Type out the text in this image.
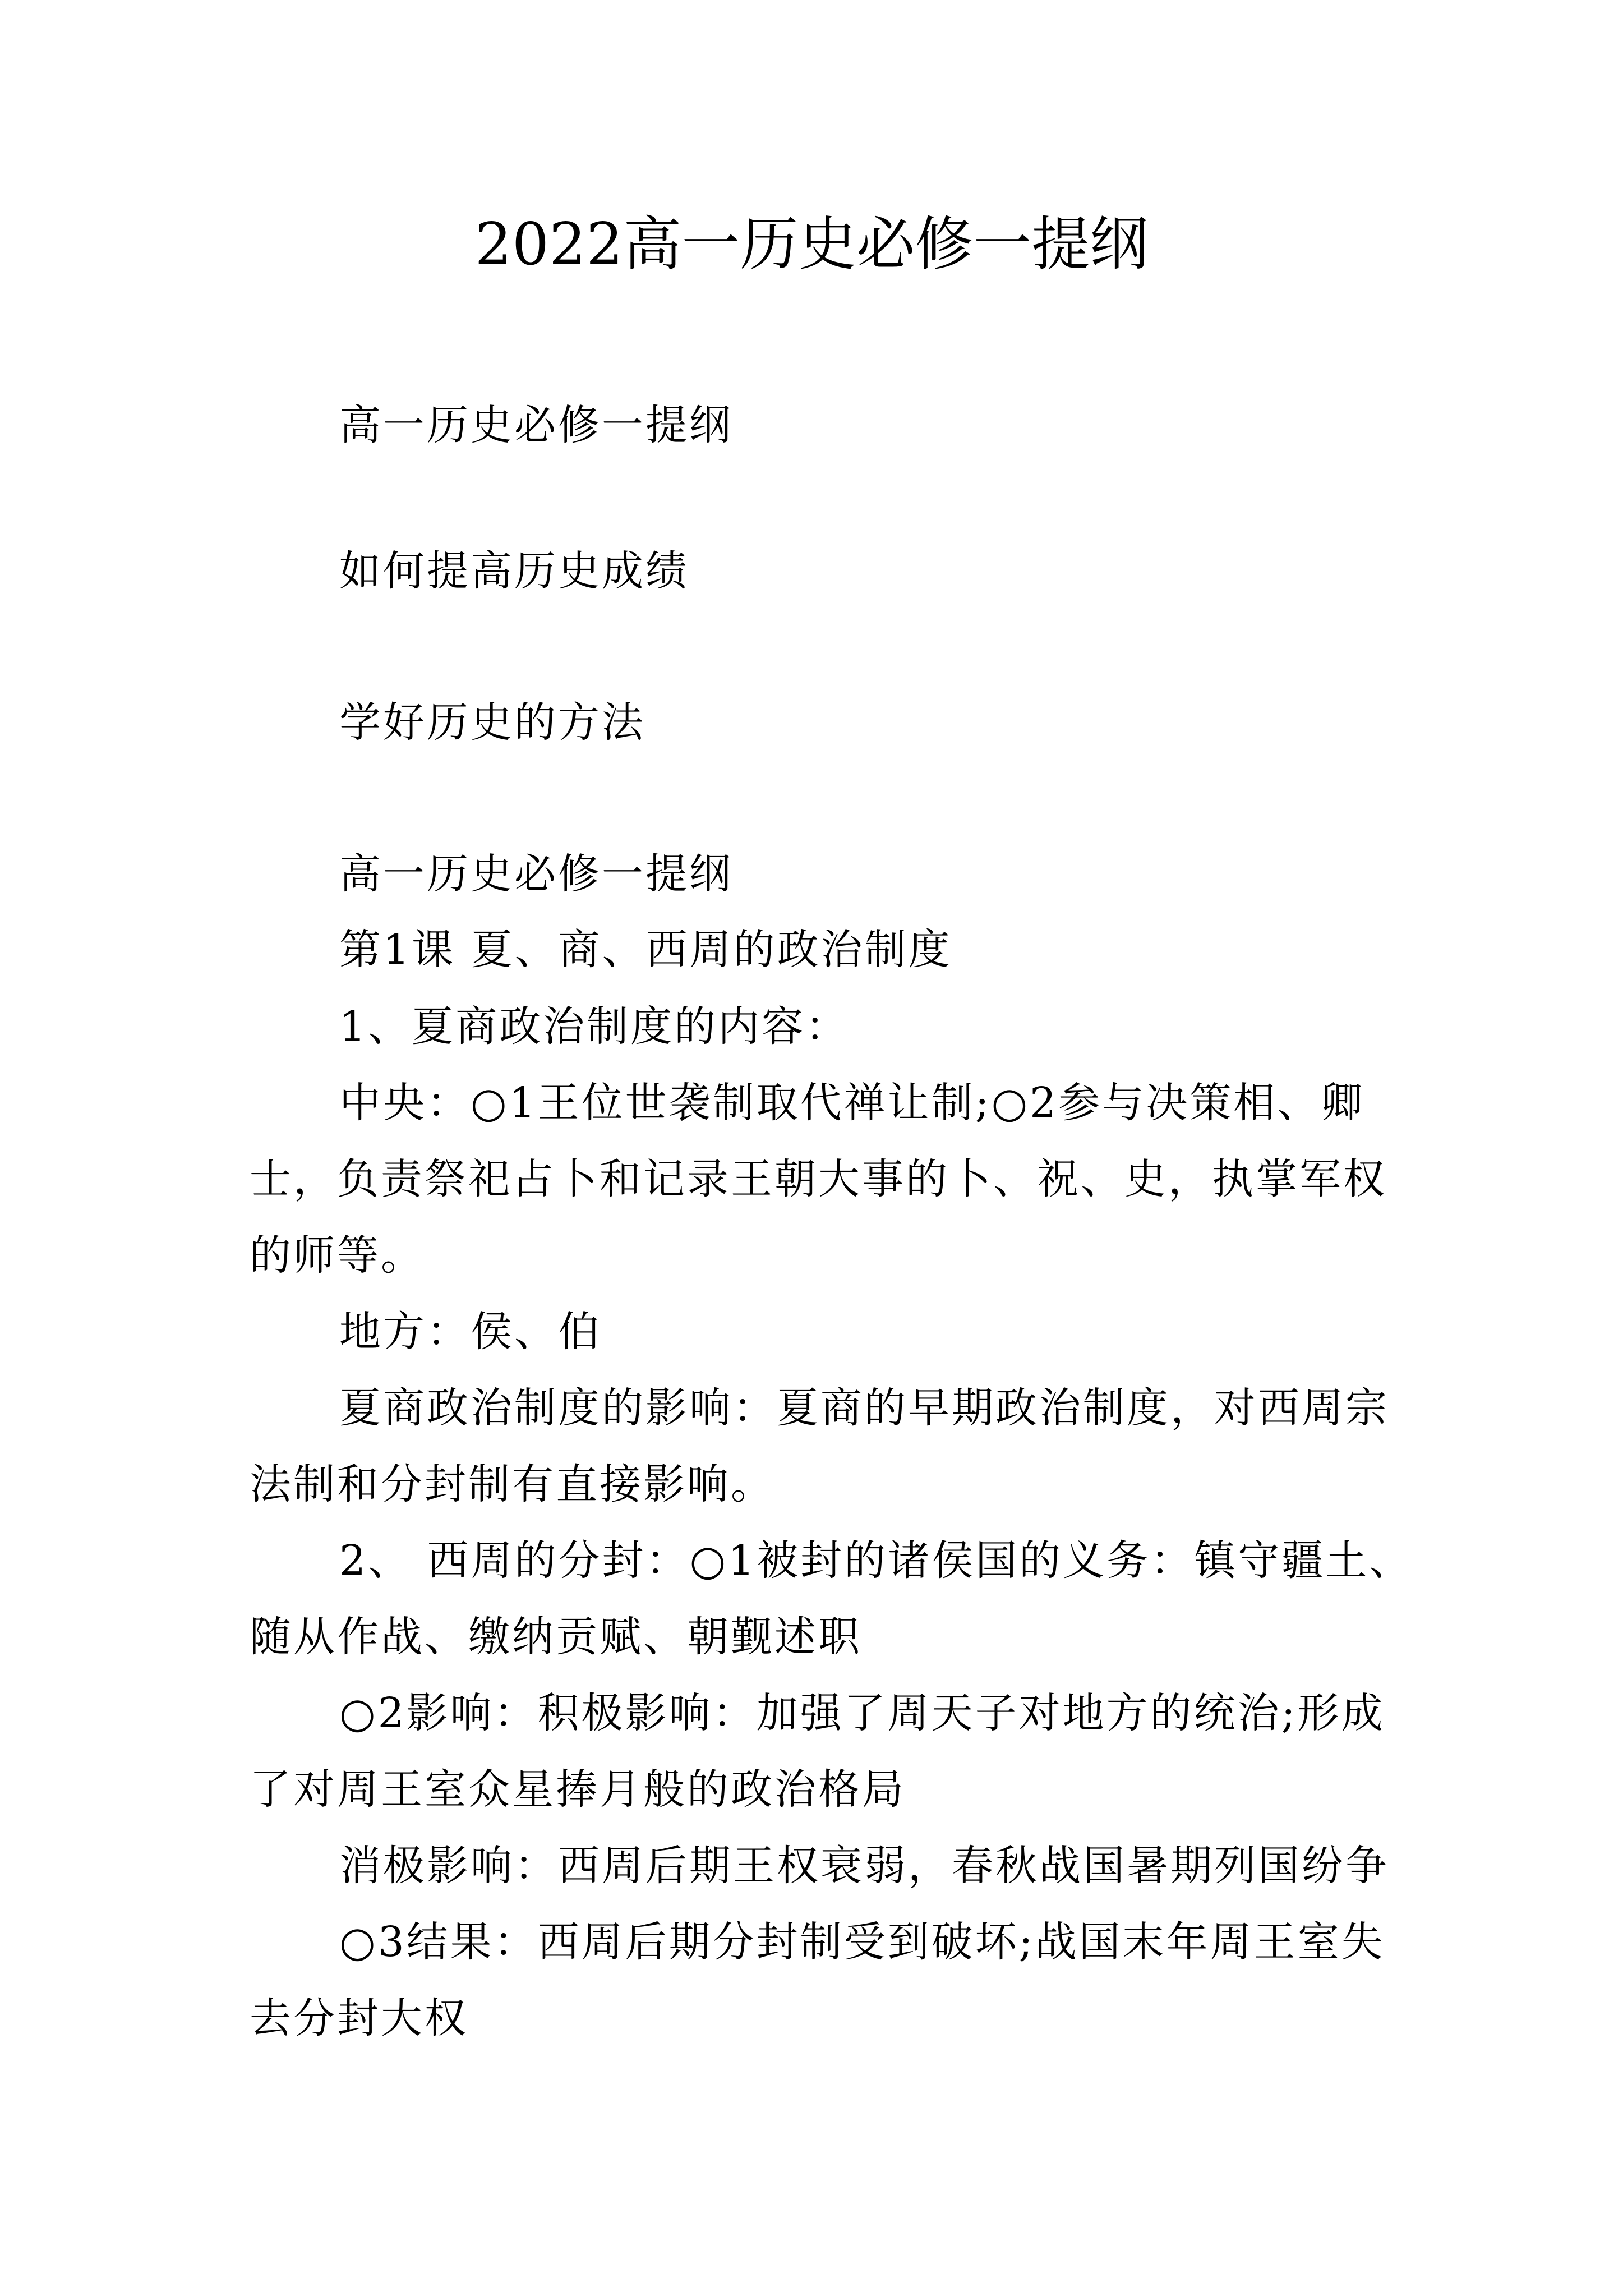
2022高一历史必修一提纲

高一历史必修一提纲

如何提高历史成绩

学好历史的方法

高一历史必修一提纲

第1课 夏、商、西周的政治制度

1、夏商政治制度的内容：

中央：○1王位世袭制取代禅让制;○2参与决策相、卿士，负责祭祀占卜和记录王朝大事的卜、祝、史，执掌军权的师等。

地方：侯、伯

夏商政治制度的影响：夏商的早期政治制度，对西周宗法制和分封制有直接影响。

2、 西周的分封：○1被封的诸侯国的义务：镇守疆土、随从作战、缴纳贡赋、朝觐述职

○2影响：积极影响：加强了周天子对地方的统治;形成了对周王室众星捧月般的政治格局

消极影响：西周后期王权衰弱，春秋战国暑期列国纷争

○3结果：西周后期分封制受到破坏;战国末年周王室失去分封大权
